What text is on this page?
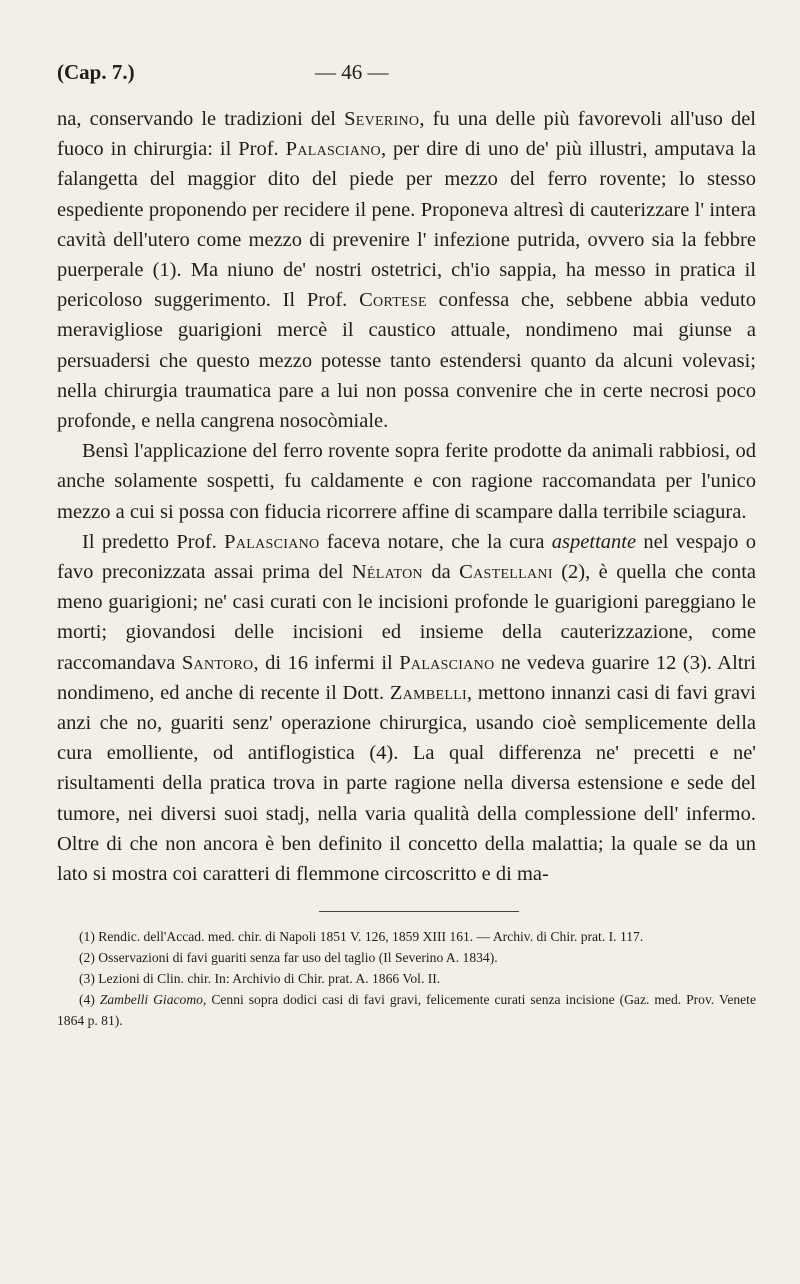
(Cap. 7.)	— 46 —

na, conservando le tradizioni del Severino, fu una delle più favorevoli all'uso del fuoco in chirurgia: il Prof. Palasciano, per dire di uno de' più illustri, amputava la falangetta del maggior dito del piede per mezzo del ferro rovente; lo stesso espediente proponendo per recidere il pene. Proponeva altresì di cauterizzare l' intera cavità dell'utero come mezzo di prevenire l' infezione putrida, ovvero sia la febbre puerperale (1). Ma niuno de' nostri ostetrici, ch'io sappia, ha messo in pratica il pericoloso suggerimento. Il Prof. Cortese confessa che, sebbene abbia veduto meravigliose guarigioni mercè il caustico attuale, nondimeno mai giunse a persuadersi che questo mezzo potesse tanto estendersi quanto da alcuni volevasi; nella chirurgia traumatica pare a lui non possa convenire che in certe necrosi poco profonde, e nella cangrena nosocòmiale.

Bensì l'applicazione del ferro rovente sopra ferite prodotte da animali rabbiosi, od anche solamente sospetti, fu caldamente e con ragione raccomandata per l'unico mezzo a cui si possa con fiducia ricorrere affine di scampare dalla terribile sciagura.

Il predetto Prof. Palasciano faceva notare, che la cura aspettante nel vespajo o favo preconizzata assai prima del Nélaton da Castellani (2), è quella che conta meno guarigioni; ne' casi curati con le incisioni profonde le guarigioni pareggiano le morti; giovandosi delle incisioni ed insieme della cauterizzazione, come raccomandava Santoro, di 16 infermi il Palasciano ne vedeva guarire 12 (3). Altri nondimeno, ed anche di recente il Dott. Zambelli, mettono innanzi casi di favi gravi anzi che no, guariti senz' operazione chirurgica, usando cioè semplicemente della cura emolliente, od antiflogistica (4). La qual differenza ne' precetti e ne' risultamenti della pratica trova in parte ragione nella diversa estensione e sede del tumore, nei diversi suoi stadj, nella varia qualità della complessione dell' infermo. Oltre di che non ancora è ben definito il concetto della malattia; la quale se da un lato si mostra coi caratteri di flemmone circoscritto e di ma-

(1) Rendic. dell'Accad. med. chir. di Napoli 1851 V. 126, 1859 XIII 161. — Archiv. di Chir. prat. I. 117.

(2) Osservazioni di favi guariti senza far uso del taglio (Il Severino A. 1834).

(3) Lezioni di Clin. chir. In: Archivio di Chir. prat. A. 1866 Vol. II.

(4) Zambelli Giacomo, Cenni sopra dodici casi di favi gravi, felicemente curati senza incisione (Gaz. med. Prov. Venete 1864 p. 81).
